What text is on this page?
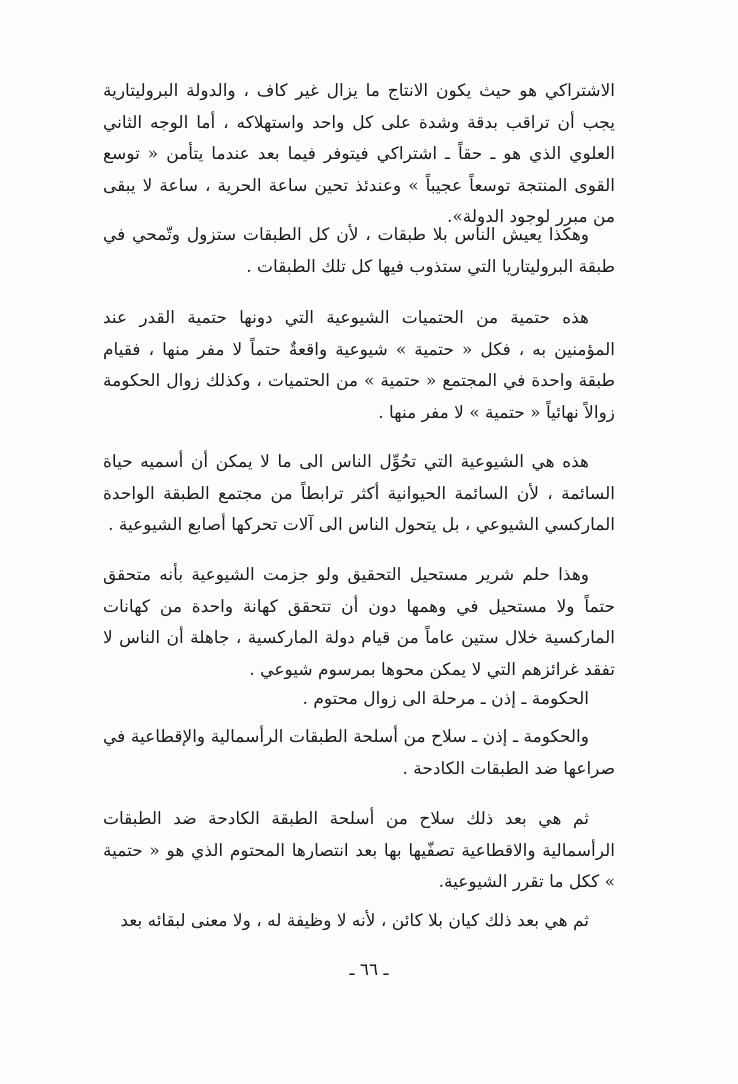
الاشتراكي هو حيث يكون الانتاج ما يزال غير كاف ، والدولة البروليتارية يجب أن تراقب بدقة وشدة على كل واحد واستهلاكه ، أما الوجه الثاني العلوي الذي هو ـ حقاً ـ اشتراكي فيتوفر فيما بعد عندما يتأمن « توسع القوى المنتجة توسعاً عجيباً » وعندئذ تحين ساعة الحرية ، ساعة لا يبقى من مبرر لوجود الدولة».

وهكذا يعيش الناس بلا طبقات ، لأن كل الطبقات ستزول وتّمحي في طبقة البروليتاريا التي ستذوب فيها كل تلك الطبقات .

هذه حتمية من الحتميات الشيوعية التي دونها حتمية القدر عند المؤمنين به ، فكل « حتمية » شيوعية واقعةٌ حتماً لا مفر منها ، فقيام طبقة واحدة في المجتمع « حتمية » من الحتميات ، وكذلك زوال الحكومة زوالاً نهائياً « حتمية » لا مفر منها .

هذه هي الشيوعية التي تحُوِّل الناس الى ما لا يمكن أن أسميه حياة السائمة ، لأن السائمة الحيوانية أكثر ترابطاً من مجتمع الطبقة الواحدة الماركسي الشيوعي ، بل يتحول الناس الى آلات تحركها أصابع الشيوعية .

وهذا حلم شرير مستحيل التحقيق ولو جزمت الشيوعية بأنه متحقق حتماً ولا مستحيل في وهمها دون أن تتحقق كهانة واحدة من كهانات الماركسية خلال ستين عاماً من قيام دولة الماركسية ، جاهلة أن الناس لا تفقد غرائزهم التي لا يمكن محوها بمرسوم شيوعي .

الحكومة ـ إذن ـ مرحلة الى زوال محتوم .

والحكومة ـ إذن ـ سلاح من أسلحة الطبقات الرأسمالية والإقطاعية في صراعها ضد الطبقات الكادحة .

ثم هي بعد ذلك سلاح من أسلحة الطبقة الكادحة ضد الطبقات الرأسمالية والاقطاعية تصفّيها بها بعد انتصارها المحتوم الذي هو « حتمية » ككل ما تقرر الشيوعية.

ثم هي بعد ذلك كيان بلا كائن ، لأنه لا وظيفة له ، ولا معنى لبقائه بعد

ـ ٦٦ ـ
